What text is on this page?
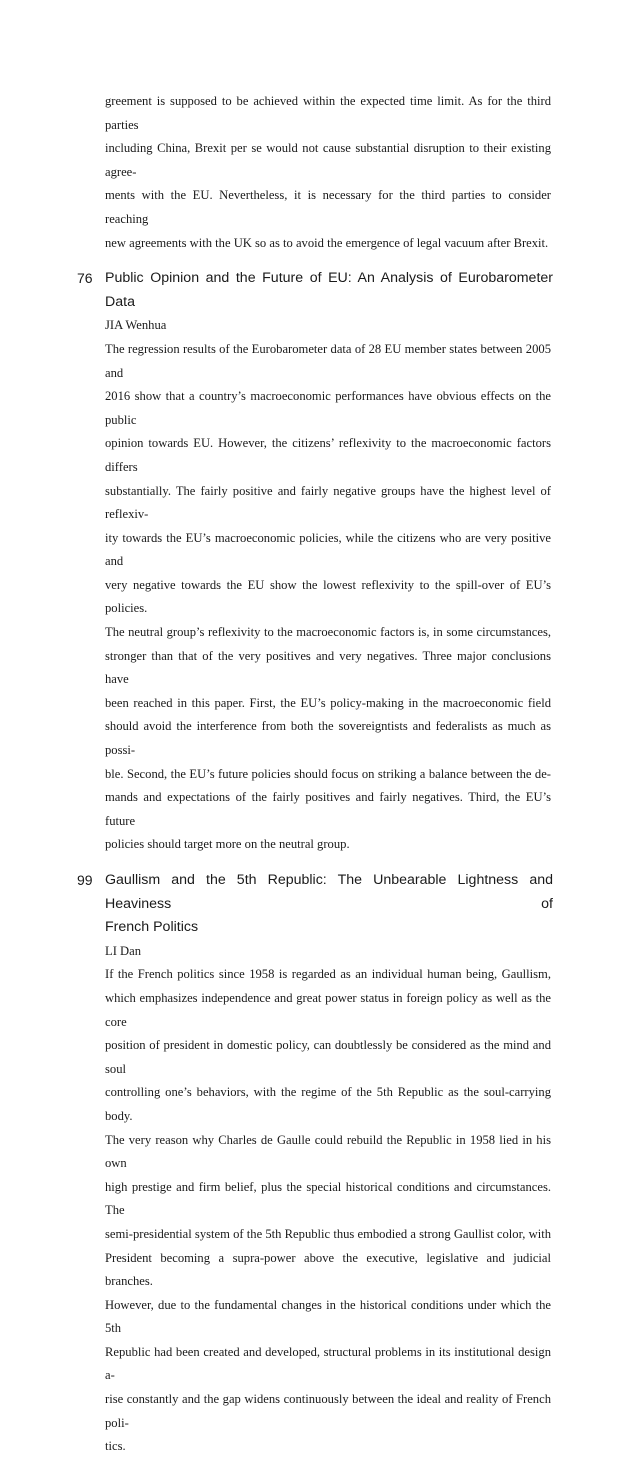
greement is supposed to be achieved within the expected time limit. As for the third parties
including China, Brexit per se would not cause substantial disruption to their existing agree-
ments with the EU. Nevertheless, it is necessary for the third parties to consider reaching
new agreements with the UK so as to avoid the emergence of legal vacuum after Brexit.
76 Public Opinion and the Future of EU: An Analysis of Eurobarometer Data
JIA Wenhua
The regression results of the Eurobarometer data of 28 EU member states between 2005 and
2016 show that a country’s macroeconomic performances have obvious effects on the public
opinion towards EU. However, the citizens’ reflexivity to the macroeconomic factors differs
substantially. The fairly positive and fairly negative groups have the highest level of reflexiv-
ity towards the EU’s macroeconomic policies, while the citizens who are very positive and
very negative towards the EU show the lowest reflexivity to the spill-over of EU’s policies.
The neutral group’s reflexivity to the macroeconomic factors is, in some circumstances,
stronger than that of the very positives and very negatives. Three major conclusions have
been reached in this paper. First, the EU’s policy-making in the macroeconomic field
should avoid the interference from both the sovereigntists and federalists as much as possi-
ble. Second, the EU’s future policies should focus on striking a balance between the de-
mands and expectations of the fairly positives and fairly negatives. Third, the EU’s future
policies should target more on the neutral group.
99 Gaullism and the 5th Republic: The Unbearable Lightness and Heaviness of
French Politics
LI Dan
If the French politics since 1958 is regarded as an individual human being, Gaullism,
which emphasizes independence and great power status in foreign policy as well as the core
position of president in domestic policy, can doubtlessly be considered as the mind and soul
controlling one’s behaviors, with the regime of the 5th Republic as the soul-carrying body.
The very reason why Charles de Gaulle could rebuild the Republic in 1958 lied in his own
high prestige and firm belief, plus the special historical conditions and circumstances. The
semi-presidential system of the 5th Republic thus embodied a strong Gaullist color, with
President becoming a supra-power above the executive, legislative and judicial branches.
However, due to the fundamental changes in the historical conditions under which the 5th
Republic had been created and developed, structural problems in its institutional design a-
rise constantly and the gap widens continuously between the ideal and reality of French poli-
tics.
